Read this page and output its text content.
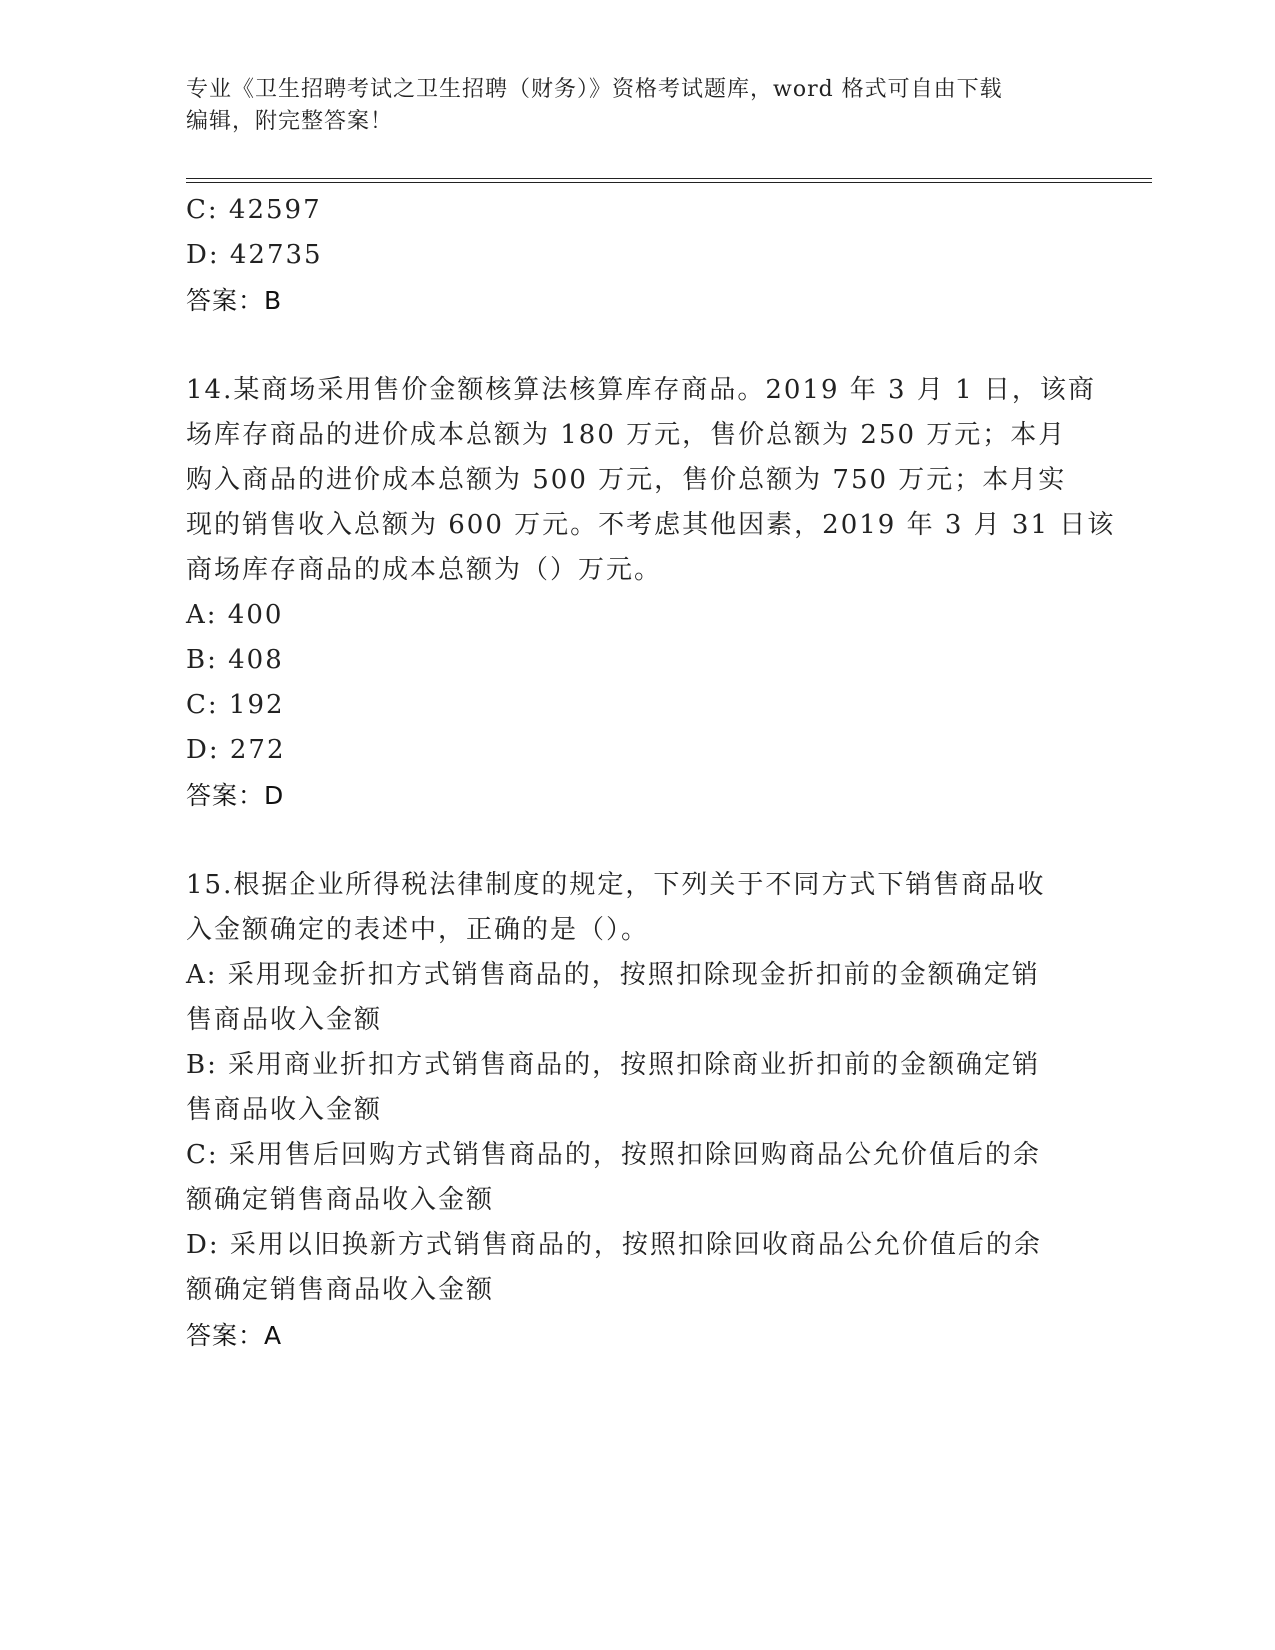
专业《卫生招聘考试之卫生招聘（财务）》资格考试题库，word 格式可自由下载
编辑，附完整答案！
C: 42597
D: 42735
答案：B
14.某商场采用售价金额核算法核算库存商品。2019 年 3 月 1 日，该商
场库存商品的进价成本总额为 180 万元，售价总额为 250 万元；本月
购入商品的进价成本总额为 500 万元，售价总额为 750 万元；本月实
现的销售收入总额为 600 万元。不考虑其他因素，2019 年 3 月 31 日该
商场库存商品的成本总额为（）万元。
A: 400
B: 408
C: 192
D: 272
答案：D
15.根据企业所得税法律制度的规定，下列关于不同方式下销售商品收
入金额确定的表述中，正确的是（）。
A: 采用现金折扣方式销售商品的，按照扣除现金折扣前的金额确定销
售商品收入金额
B: 采用商业折扣方式销售商品的，按照扣除商业折扣前的金额确定销
售商品收入金额
C: 采用售后回购方式销售商品的，按照扣除回购商品公允价值后的余
额确定销售商品收入金额
D: 采用以旧换新方式销售商品的，按照扣除回收商品公允价值后的余
额确定销售商品收入金额
答案：A
